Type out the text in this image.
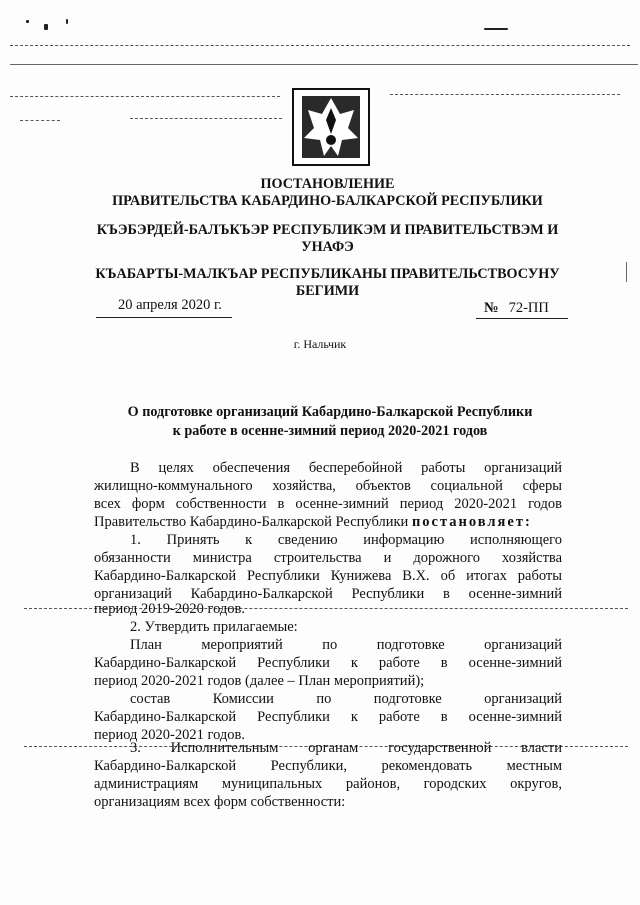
ПОСТАНОВЛЕНИЕ
ПРАВИТЕЛЬСТВА КАБАРДИНО-БАЛКАРСКОЙ РЕСПУБЛИКИ
КЪЭБЭРДЕЙ-БАЛЪКЪЭР РЕСПУБЛИКЭМ И ПРАВИТЕЛЬСТВЭМ И
УНАФЭ
КЪАБАРТЫ-МАЛКЪАР РЕСПУБЛИКАНЫ ПРАВИТЕЛЬСТВОСУНУ
БЕГИМИ
20 апреля 2020 г.	№ 72-ПП
г. Нальчик
О подготовке организаций Кабардино-Балкарской Республики
к работе в осенне-зимний период 2020-2021 годов
В целях обеспечения бесперебойной работы организаций
жилищно-коммунального хозяйства, объектов социальной сферы
всех форм собственности в осенне-зимний период 2020-2021 годов
Правительство Кабардино-Балкарской Республики постановляет:
1. Принять к сведению информацию исполняющего
обязанности министра строительства и дорожного хозяйства
Кабардино-Балкарской Республики Кунижева В.Х. об итогах работы
организаций Кабардино-Балкарской Республики в осенне-зимний
период 2019-2020 годов.
2. Утвердить прилагаемые:
План мероприятий по подготовке организаций
Кабардино-Балкарской Республики к работе в осенне-зимний
период 2020-2021 годов (далее – План мероприятий);
состав Комиссии по подготовке организаций
Кабардино-Балкарской Республики к работе в осенне-зимний
период 2020-2021 годов.
3. Исполнительным органам государственной власти
Кабардино-Балкарской Республики, рекомендовать местным
администрациям муниципальных районов, городских округов,
организациям всех форм собственности:
